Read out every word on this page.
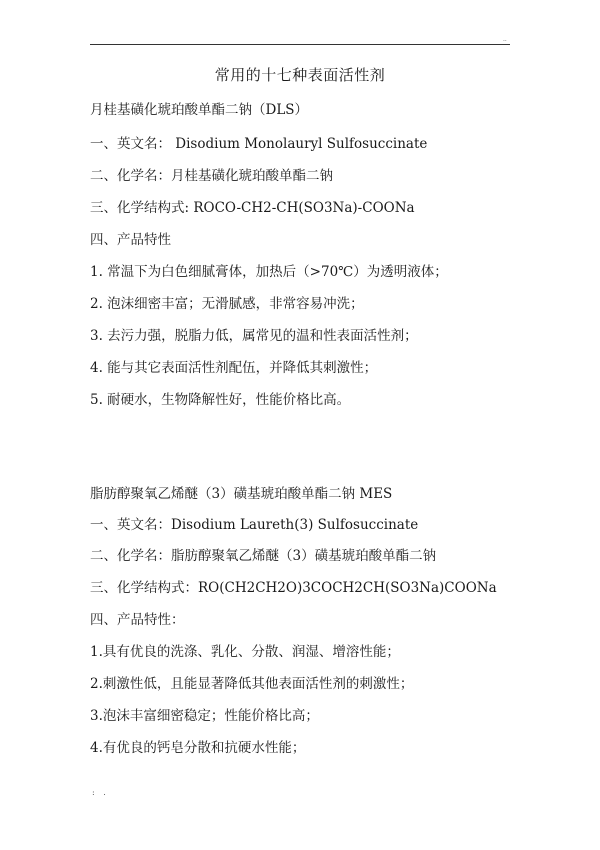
..
常用的十七种表面活性剂
月桂基磺化琥珀酸单酯二钠（DLS）
一、英文名： Disodium Monolauryl Sulfosuccinate
二、化学名：月桂基磺化琥珀酸单酯二钠
三、化学结构式: ROCO-CH2-CH(SO3Na)-COONa
四、产品特性
1. 常温下为白色细腻膏体，加热后（>70℃）为透明液体；
2. 泡沫细密丰富；无滑腻感，非常容易冲洗；
3. 去污力强，脱脂力低，属常见的温和性表面活性剂；
4. 能与其它表面活性剂配伍，并降低其刺激性；
5. 耐硬水，生物降解性好，性能价格比高。
脂肪醇聚氧乙烯醚（3）磺基琥珀酸单酯二钠 MES
一、英文名：Disodium Laureth(3) Sulfosuccinate
二、化学名：脂肪醇聚氧乙烯醚（3）磺基琥珀酸单酯二钠
三、化学结构式：RO(CH2CH2O)3COCH2CH(SO3Na)COONa
四、产品特性：
1.具有优良的洗涤、乳化、分散、润湿、增溶性能；
2.刺激性低，且能显著降低其他表面活性剂的刺激性；
3.泡沫丰富细密稳定；性能价格比高；
4.有优良的钙皂分散和抗硬水性能；
: .
